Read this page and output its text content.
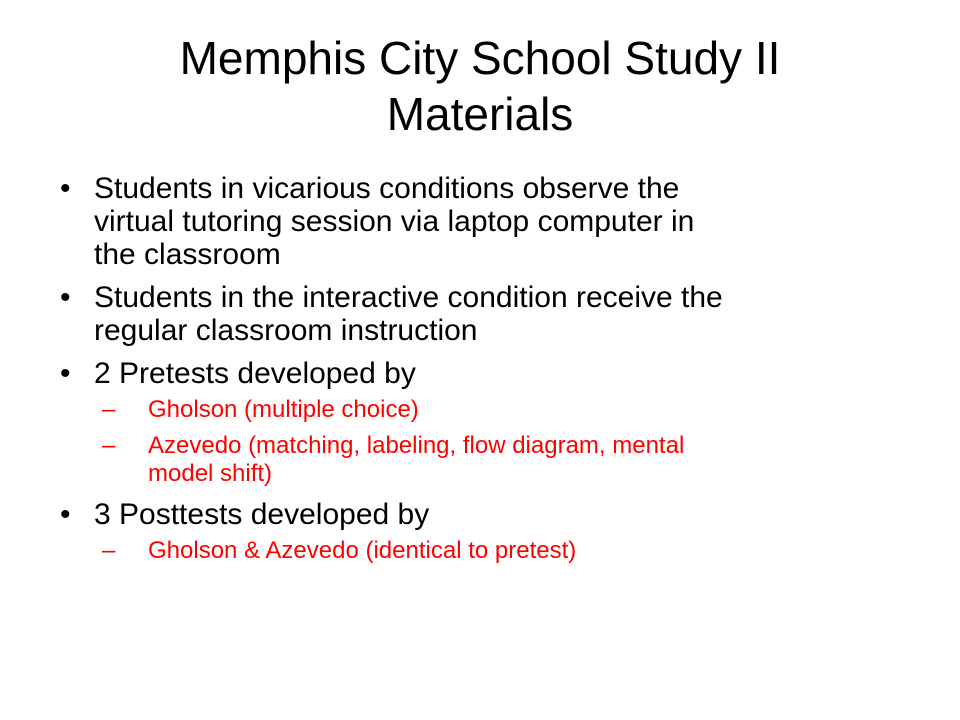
Memphis City School Study II
Materials
• Students in vicarious conditions observe the
virtual tutoring session via laptop computer in
the classroom
• Students in the interactive condition receive the
regular classroom instruction
• 2 Pretests developed by
–	Gholson (multiple choice)
–	Azevedo (matching, labeling, flow diagram, mental
model shift)
• 3 Posttests developed by
–	Gholson & Azevedo (identical to pretest)
